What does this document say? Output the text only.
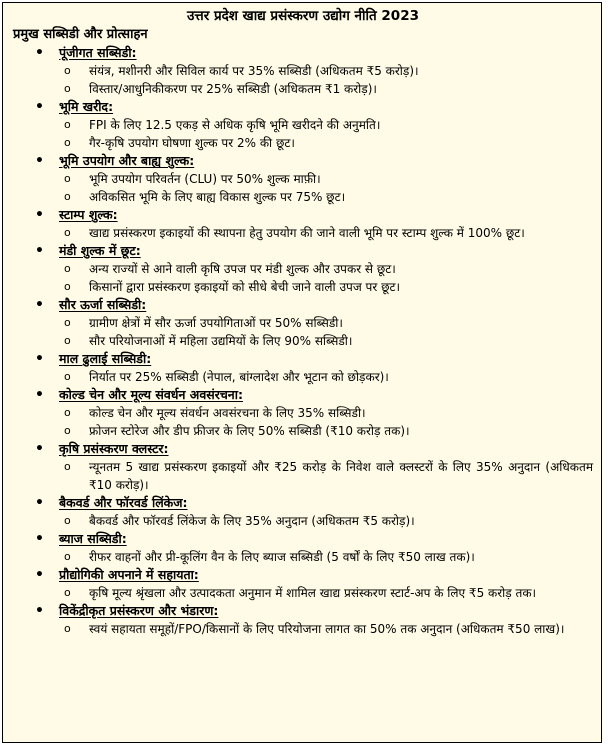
उत्तर प्रदेश खाद्य प्रसंस्करण उद्योग नीति 2023
प्रमुख सब्सिडी और प्रोत्साहन
• पूंजीगत सब्सिडी:
o संयंत्र, मशीनरी और सिविल कार्य पर 35% सब्सिडी (अधिकतम ₹5 करोड़)।
o विस्तार/आधुनिकीकरण पर 25% सब्सिडी (अधिकतम ₹1 करोड़)।
• भूमि खरीद:
o FPI के लिए 12.5 एकड़ से अधिक कृषि भूमि खरीदने की अनुमति।
o गैर-कृषि उपयोग घोषणा शुल्क पर 2% की छूट।
• भूमि उपयोग और बाह्य शुल्क:
o भूमि उपयोग परिवर्तन (CLU) पर 50% शुल्क माफ़ी।
o अविकसित भूमि के लिए बाह्य विकास शुल्क पर 75% छूट।
• स्टाम्प शुल्क:
o खाद्य प्रसंस्करण इकाइयों की स्थापना हेतु उपयोग की जाने वाली भूमि पर स्टाम्प शुल्क में 100% छूट।
• मंडी शुल्क में छूट:
o अन्य राज्यों से आने वाली कृषि उपज पर मंडी शुल्क और उपकर से छूट।
o किसानों द्वारा प्रसंस्करण इकाइयों को सीधे बेची जाने वाली उपज पर छूट।
• सौर ऊर्जा सब्सिडी:
o ग्रामीण क्षेत्रों में सौर ऊर्जा उपयोगिताओं पर 50% सब्सिडी।
o सौर परियोजनाओं में महिला उद्यमियों के लिए 90% सब्सिडी।
• माल ढुलाई सब्सिडी:
o निर्यात पर 25% सब्सिडी (नेपाल, बांग्लादेश और भूटान को छोड़कर)।
• कोल्ड चेन और मूल्य संवर्धन अवसंरचना:
o कोल्ड चेन और मूल्य संवर्धन अवसंरचना के लिए 35% सब्सिडी।
o फ्रोजन स्टोरेज और डीप फ्रीजर के लिए 50% सब्सिडी (₹10 करोड़ तक)।
• कृषि प्रसंस्करण क्लस्टर:
o न्यूनतम 5 खाद्य प्रसंस्करण इकाइयों और ₹25 करोड़ के निवेश वाले क्लस्टरों के लिए 35% अनुदान (अधिकतम ₹10 करोड़)।
• बैकवर्ड और फॉरवर्ड लिंकेज:
o बैकवर्ड और फॉरवर्ड लिंकेज के लिए 35% अनुदान (अधिकतम ₹5 करोड़)।
• ब्याज सब्सिडी:
o रीफर वाहनों और प्री-कूलिंग वैन के लिए ब्याज सब्सिडी (5 वर्षों के लिए ₹50 लाख तक)।
• प्रौद्योगिकी अपनाने में सहायता:
o कृषि मूल्य श्रृंखला और उत्पादकता अनुमान में शामिल खाद्य प्रसंस्करण स्टार्ट-अप के लिए ₹5 करोड़ तक।
• विकेंद्रीकृत प्रसंस्करण और भंडारण:
o स्वयं सहायता समूहों/FPO/किसानों के लिए परियोजना लागत का 50% तक अनुदान (अधिकतम ₹50 लाख)।
